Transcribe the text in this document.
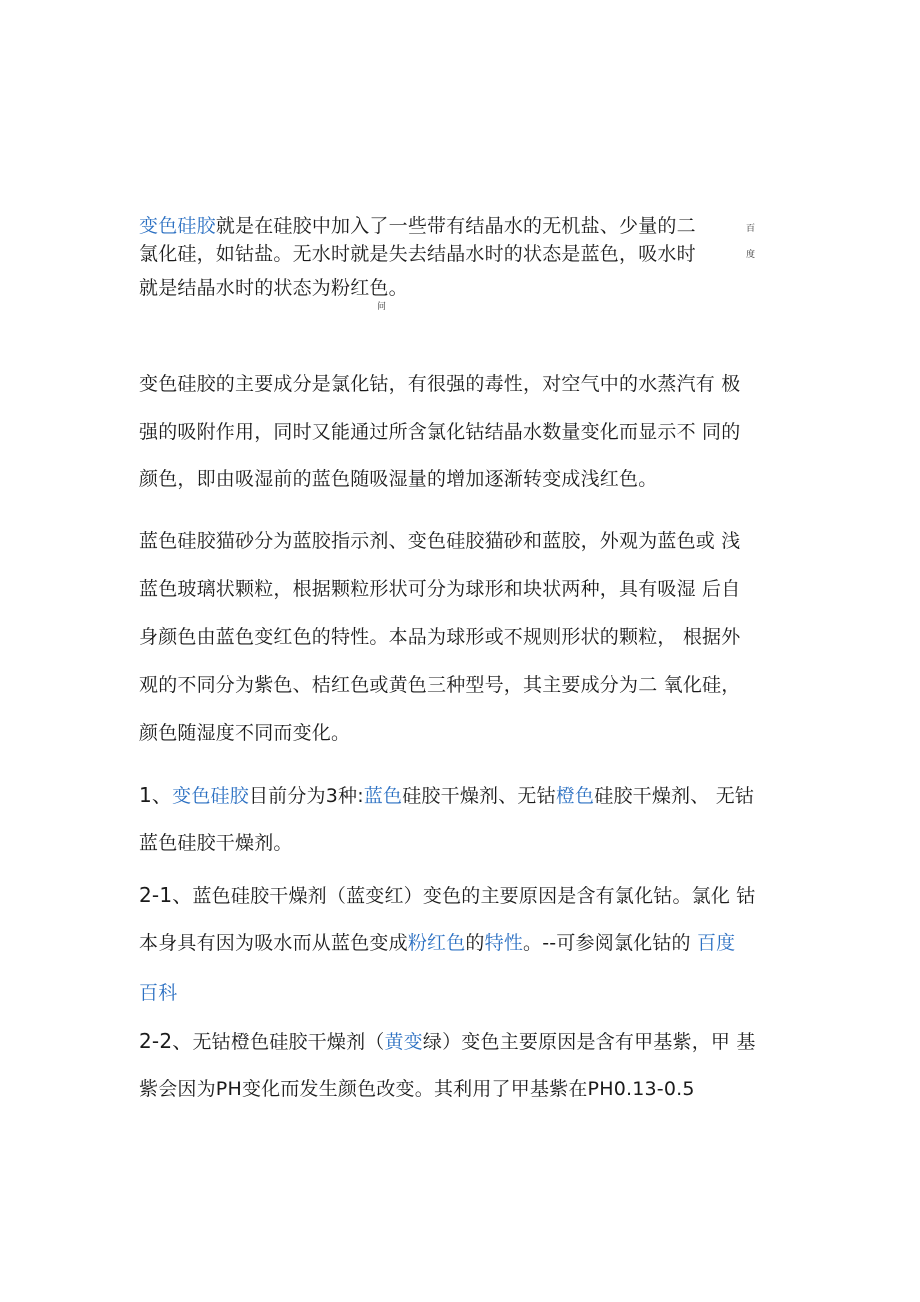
变色硅胶就是在硅胶中加入了一些带有结晶水的无机盐、少量的二
氯化硅，如钴盐。无水时就是失去结晶水时的状态是蓝色，吸水时
就是结晶水时的状态为粉红色。
百
度
问
变色硅胶的主要成分是氯化钴，有很强的毒性，对空气中的水蒸汽有 极
强的吸附作用，同时又能通过所含氯化钴结晶水数量变化而显示不 同的
颜色，即由吸湿前的蓝色随吸湿量的增加逐渐转变成浅红色。
蓝色硅胶猫砂分为蓝胶指示剂、变色硅胶猫砂和蓝胶，外观为蓝色或 浅
蓝色玻璃状颗粒，根据颗粒形状可分为球形和块状两种，具有吸湿 后自
身颜色由蓝色变红色的特性。本品为球形或不规则形状的颗粒， 根据外
观的不同分为紫色、桔红色或黄色三种型号，其主要成分为二 氧化硅，
颜色随湿度不同而变化。
1、变色硅胶目前分为3种:蓝色硅胶干燥剂、无钴橙色硅胶干燥剂、 无钴
蓝色硅胶干燥剂。
2-1、蓝色硅胶干燥剂（蓝变红）变色的主要原因是含有氯化钴。氯化 钴
本身具有因为吸水而从蓝色变成粉红色的特性。--可参阅氯化钴的 百度
百科
2-2、无钴橙色硅胶干燥剂（黄变绿）变色主要原因是含有甲基紫，甲 基
紫会因为PH变化而发生颜色改变。其利用了甲基紫在PH0.13-0.5
